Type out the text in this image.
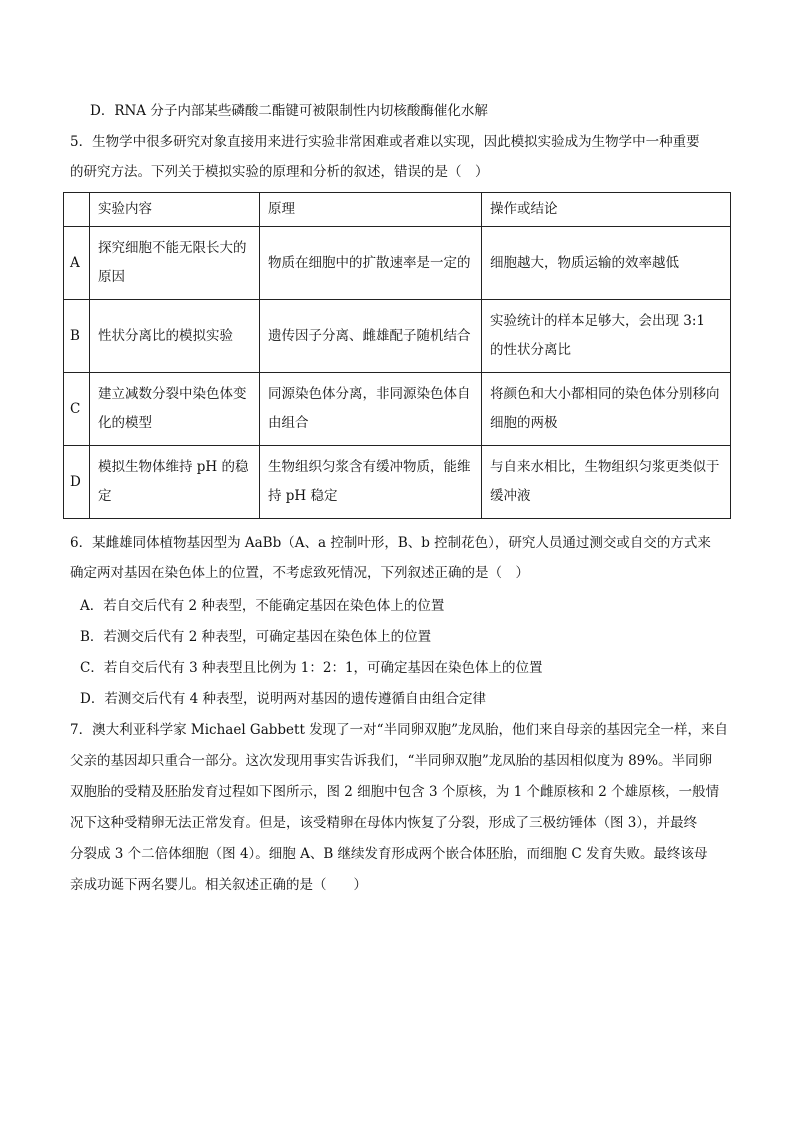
D．RNA 分子内部某些磷酸二酯键可被限制性内切核酸酶催化水解
5．生物学中很多研究对象直接用来进行实验非常困难或者难以实现，因此模拟实验成为生物学中一种重要
的研究方法。下列关于模拟实验的原理和分析的叙述，错误的是（　）
	实验内容	原理	操作或结论
A	探究细胞不能无限长大的原因	物质在细胞中的扩散速率是一定的	细胞越大，物质运输的效率越低
B	性状分离比的模拟实验	遗传因子分离、雌雄配子随机结合	实验统计的样本足够大，会出现 3:1 的性状分离比
C	建立减数分裂中染色体变化的模型	同源染色体分离，非同源染色体自由组合	将颜色和大小都相同的染色体分别移向细胞的两极
D	模拟生物体维持 pH 的稳定	生物组织匀浆含有缓冲物质，能维持 pH 稳定	与自来水相比，生物组织匀浆更类似于缓冲液
6．某雌雄同体植物基因型为 AaBb（A、a 控制叶形，B、b 控制花色），研究人员通过测交或自交的方式来
确定两对基因在染色体上的位置，不考虑致死情况，下列叙述正确的是（　）
A．若自交后代有 2 种表型，不能确定基因在染色体上的位置
B．若测交后代有 2 种表型，可确定基因在染色体上的位置
C．若自交后代有 3 种表型且比例为 1：2：1，可确定基因在染色体上的位置
D．若测交后代有 4 种表型，说明两对基因的遗传遵循自由组合定律
7．澳大利亚科学家 Michael Gabbett 发现了一对“半同卵双胞”龙凤胎，他们来自母亲的基因完全一样，来自
父亲的基因却只重合一部分。这次发现用事实告诉我们，“半同卵双胞”龙凤胎的基因相似度为 89%。半同卵
双胞胎的受精及胚胎发育过程如下图所示，图 2 细胞中包含 3 个原核，为 1 个雌原核和 2 个雄原核，一般情
况下这种受精卵无法正常发育。但是，该受精卵在母体内恢复了分裂，形成了三极纺锤体（图 3），并最终
分裂成 3 个二倍体细胞（图 4）。细胞 A、B 继续发育形成两个嵌合体胚胎，而细胞 C 发育失败。最终该母
亲成功诞下两名婴儿。相关叙述正确的是（　　）
